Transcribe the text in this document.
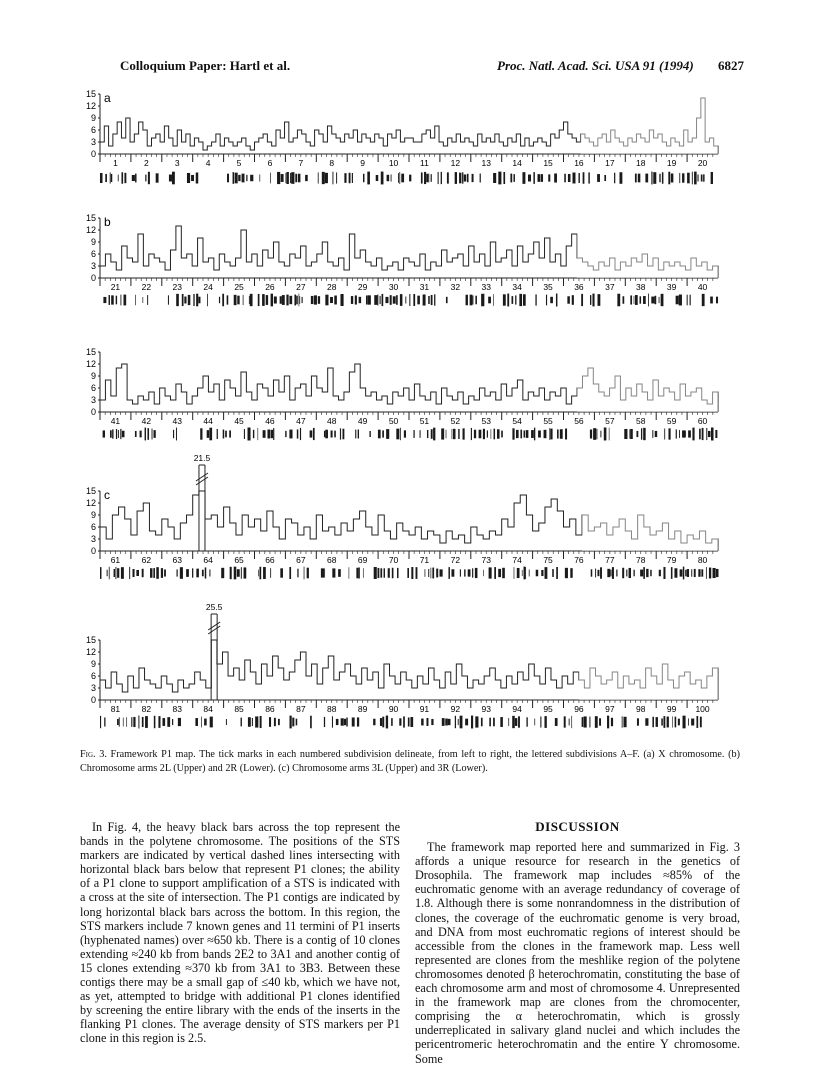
Colloquium Paper: Hartl et al.	Proc. Natl. Acad. Sci. USA 91 (1994) 6827
15
12
9
6
3
0
a
1	2	3	4	5	6	7	8	9	10	11	12	13	14	15	16	17	18	19	20
15
12
9
6
3
0
b
21	22	23	24	25	26	27	28	29	30	31	32	33	34	35	36	37	38	39	40
15
12
9
6
3
0
41	42	43	44	45	46	47	48	49	50	51	52	53	54	55	56	57	58	59	60
15
12
9
6
3
0
c
21.5
61	62	63	64	65	66	67	68	69	70	71	72	73	74	75	76	77	78	79	80
15
12
9
6
3
0
25.5
81	82	83	84	85	86	87	88	89	90	91	92	93	94	95	96	97	98	99 100
Fig. 3. Framework P1 map. The tick marks in each numbered subdivision delineate, from left to right, the lettered subdivisions A–F. (a) X chromosome. (b) Chromosome arms 2L (Upper) and 2R (Lower). (c) Chromosome arms 3L (Upper) and 3R (Lower).

In Fig. 4, the heavy black bars across the top represent the bands in the polytene chromosome. The positions of the STS markers are indicated by vertical dashed lines intersecting with horizontal black bars below that represent P1 clones; the ability of a P1 clone to support amplification of a STS is indicated with a cross at the site of intersection. The P1 contigs are indicated by long horizontal black bars across the bottom. In this region, the STS markers include 7 known genes and 11 termini of P1 inserts (hyphenated names) over ≈650 kb. There is a contig of 10 clones extending ≈240 kb from bands 2E2 to 3A1 and another contig of 15 clones extending ≈370 kb from 3A1 to 3B3. Between these contigs there may be a small gap of ≤40 kb, which we have not, as yet, attempted to bridge with additional P1 clones identified by screening the entire library with the ends of the inserts in the flanking P1 clones. The average density of STS markers per P1 clone in this region is 2.5.

DISCUSSION

The framework map reported here and summarized in Fig. 3 affords a unique resource for research in the genetics of Drosophila. The framework map includes ≈85% of the euchromatic genome with an average redundancy of coverage of 1.8. Although there is some nonrandomness in the distribution of clones, the coverage of the euchromatic genome is very broad, and DNA from most euchromatic regions of interest should be accessible from the clones in the framework map. Less well represented are clones from the meshlike region of the polytene chromosomes denoted β heterochromatin, constituting the base of each chromosome arm and most of chromosome 4. Unrepresented in the framework map are clones from the chromocenter, comprising the α heterochromatin, which is grossly underreplicated in salivary gland nuclei and which includes the pericentromeric heterochromatin and the entire Y chromosome. Some
